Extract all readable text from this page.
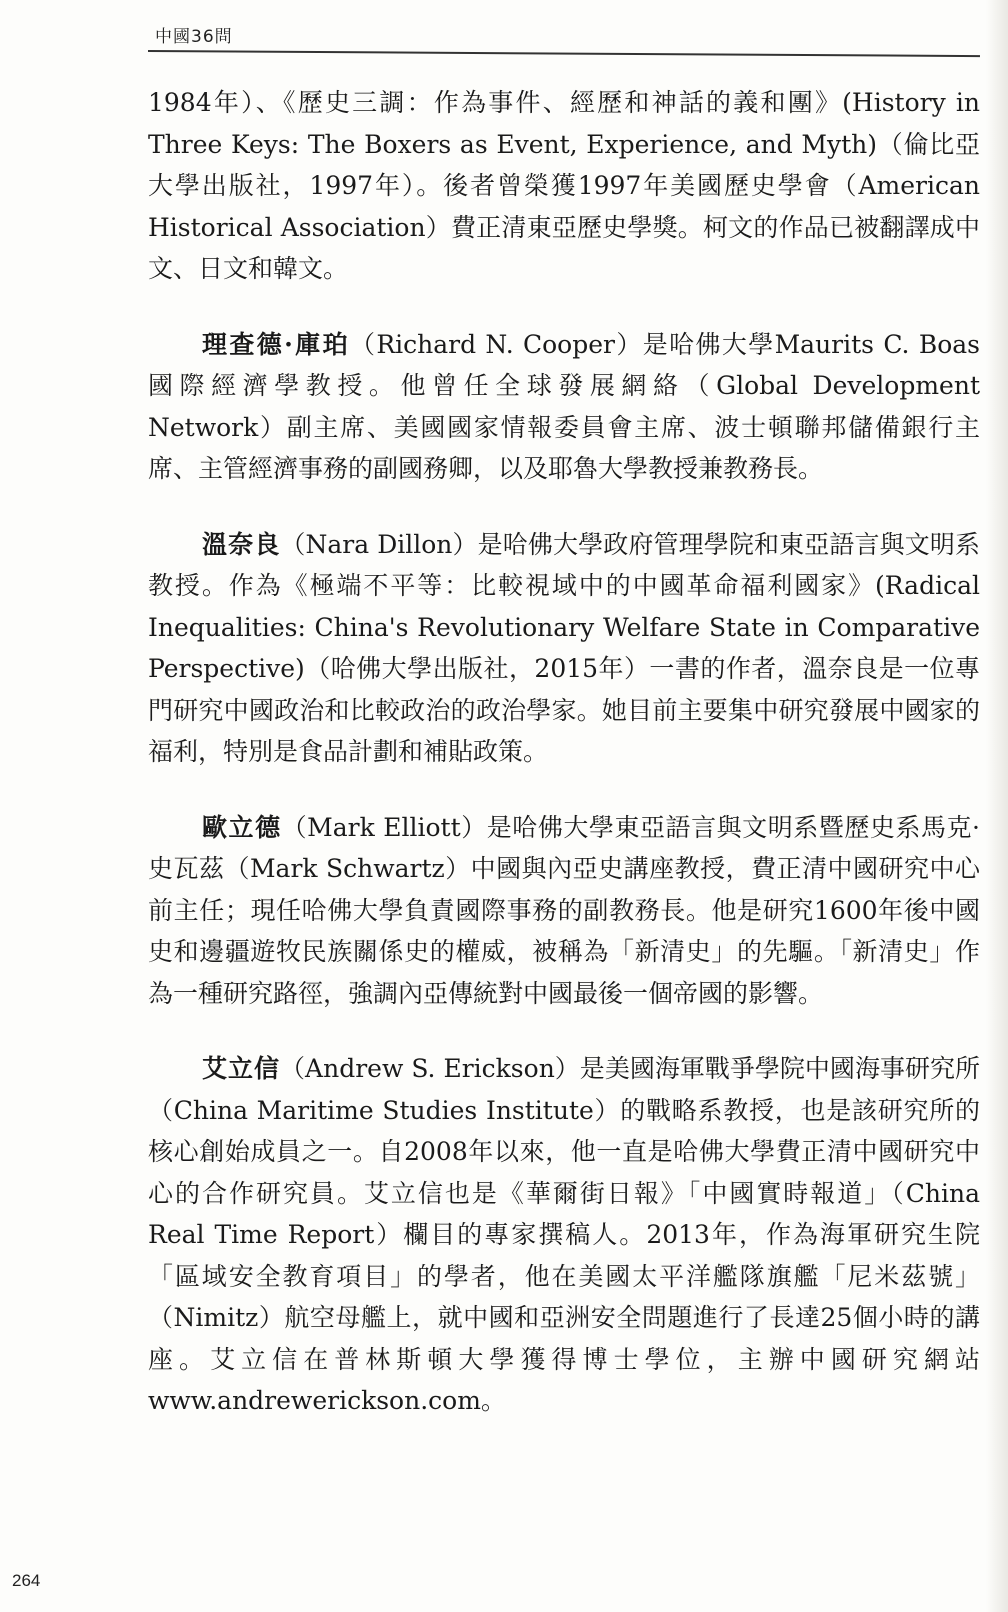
中國36問

1984年）、《歷史三調：作為事件、經歷和神話的義和團》(History in Three Keys: The Boxers as Event, Experience, and Myth)（倫比亞大學出版社，1997年）。後者曾榮獲1997年美國歷史學會（American Historical Association）費正清東亞歷史學獎。柯文的作品已被翻譯成中文、日文和韓文。

理查德·庫珀（Richard N. Cooper）是哈佛大學Maurits C. Boas國際經濟學教授。他曾任全球發展網絡（Global Development Network）副主席、美國國家情報委員會主席、波士頓聯邦儲備銀行主席、主管經濟事務的副國務卿，以及耶魯大學教授兼教務長。

溫奈良（Nara Dillon）是哈佛大學政府管理學院和東亞語言與文明系教授。作為《極端不平等：比較視域中的中國革命福利國家》(Radical Inequalities: China's Revolutionary Welfare State in Comparative Perspective)（哈佛大學出版社，2015年）一書的作者，溫奈良是一位專門研究中國政治和比較政治的政治學家。她目前主要集中研究發展中國家的福利，特別是食品計劃和補貼政策。

歐立德（Mark Elliott）是哈佛大學東亞語言與文明系暨歷史系馬克·史瓦茲（Mark Schwartz）中國與內亞史講座教授，費正清中國研究中心前主任；現任哈佛大學負責國際事務的副教務長。他是研究1600年後中國史和邊疆遊牧民族關係史的權威，被稱為「新清史」的先驅。「新清史」作為一種研究路徑，強調內亞傳統對中國最後一個帝國的影響。

艾立信（Andrew S. Erickson）是美國海軍戰爭學院中國海事研究所（China Maritime Studies Institute）的戰略系教授，也是該研究所的核心創始成員之一。自2008年以來，他一直是哈佛大學費正清中國研究中心的合作研究員。艾立信也是《華爾街日報》「中國實時報道」（China Real Time Report）欄目的專家撰稿人。2013年，作為海軍研究生院「區域安全教育項目」的學者，他在美國太平洋艦隊旗艦「尼米茲號」（Nimitz）航空母艦上，就中國和亞洲安全問題進行了長達25個小時的講座。艾立信在普林斯頓大學獲得博士學位，主辦中國研究網站www.andrewerickson.com。

264
